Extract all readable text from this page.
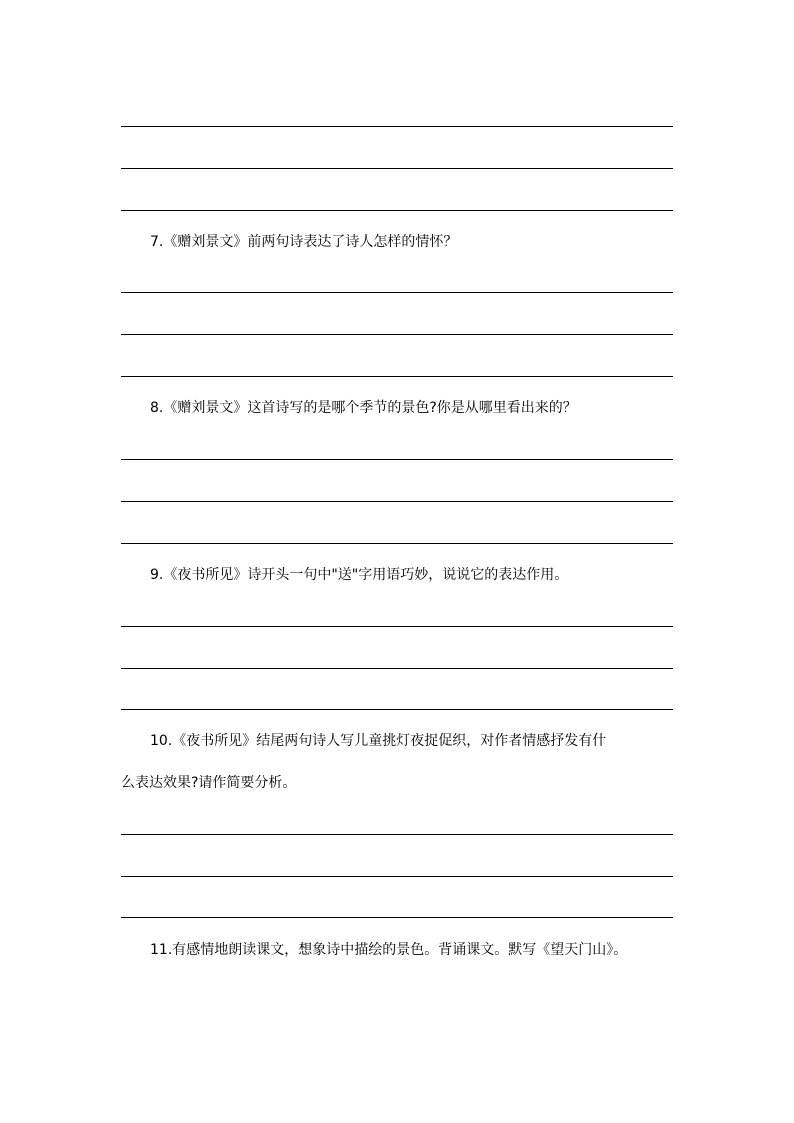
7.《赠刘景文》前两句诗表达了诗人怎样的情怀？

8.《赠刘景文》这首诗写的是哪个季节的景色?你是从哪里看出来的？

9.《夜书所见》诗开头一句中"送"字用语巧妙，说说它的表达作用。

10.《夜书所见》结尾两句诗人写儿童挑灯夜捉促织，对作者情感抒发有什

么表达效果?请作简要分析。

11.有感情地朗读课文，想象诗中描绘的景色。背诵课文。默写《望天门山》。
